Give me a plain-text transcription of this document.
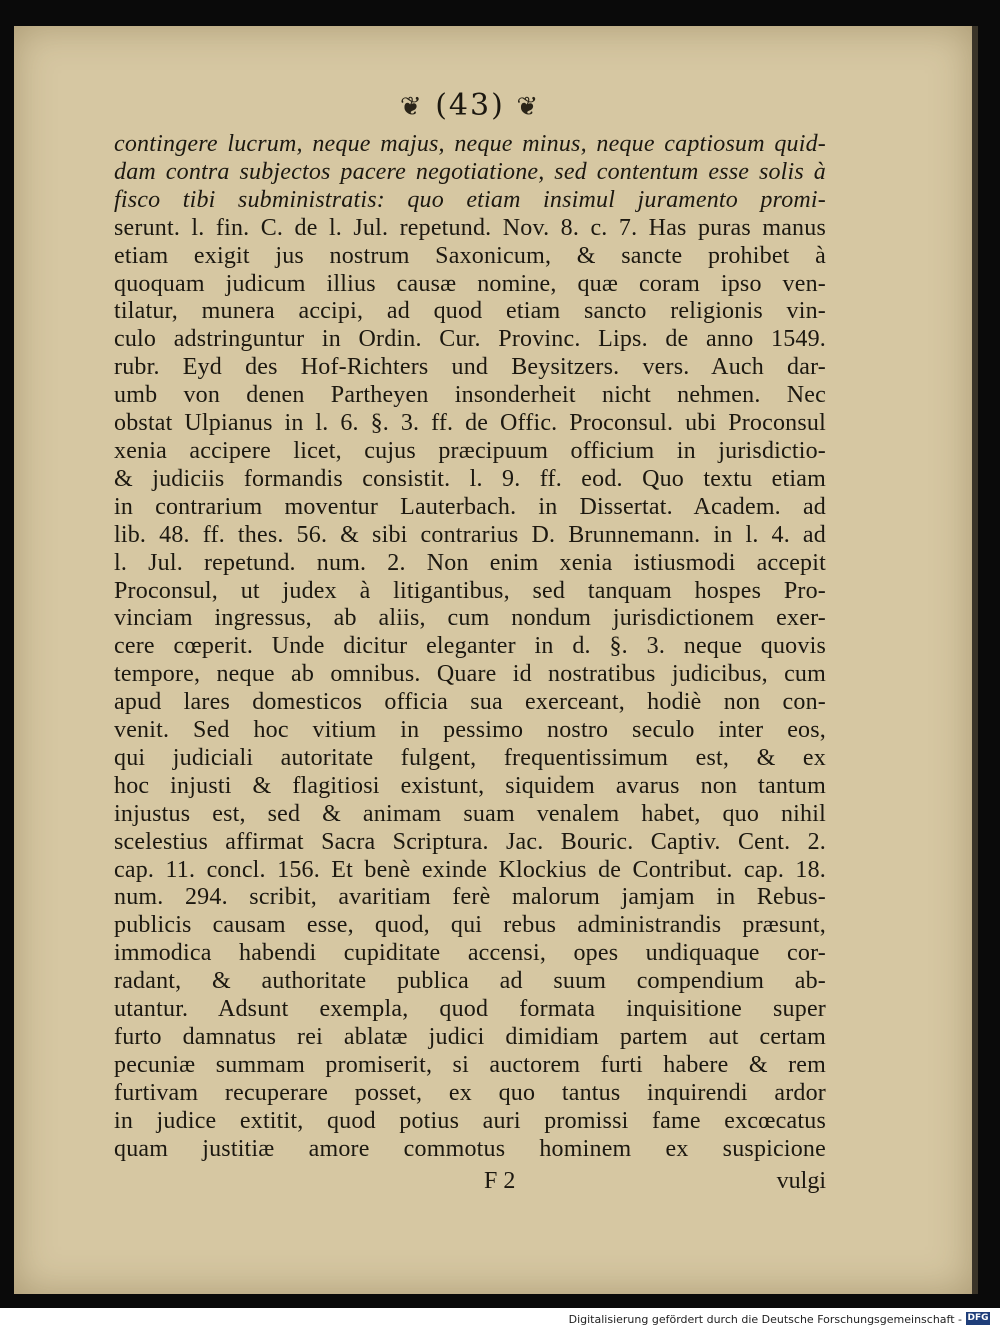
❦ (43) ❦
contingere lucrum, neque majus, neque minus, neque captiosum quid-
dam contra subjectos pacere negotiatione, sed contentum esse solis à
fisco tibi subministratis: quo etiam insimul juramento promi-
serunt. l. fin. C. de l. Jul. repetund. Nov. 8. c. 7. Has puras manus
etiam exigit jus nostrum Saxonicum, & sancte prohibet à
quoquam judicum illius causæ nomine, quæ coram ipso ven-
tilatur, munera accipi, ad quod etiam sancto religionis vin-
culo adstringuntur in Ordin. Cur. Provinc. Lips. de anno 1549.
rubr. Eyd des Hof-Richters und Beysitzers. vers. Auch dar-
umb von denen Partheyen insonderheit nicht nehmen. Nec
obstat Ulpianus in l. 6. §. 3. ff. de Offic. Proconsul. ubi Proconsul
xenia accipere licet, cujus præcipuum officium in jurisdictio-
& judiciis formandis consistit. l. 9. ff. eod. Quo textu etiam
in contrarium moventur Lauterbach. in Dissertat. Academ. ad
lib. 48. ff. thes. 56. & sibi contrarius D. Brunnemann. in l. 4. ad
l. Jul. repetund. num. 2. Non enim xenia istiusmodi accepit
Proconsul, ut judex à litigantibus, sed tanquam hospes Pro-
vinciam ingressus, ab aliis, cum nondum jurisdictionem exer-
cere cœperit. Unde dicitur eleganter in d. §. 3. neque quovis
tempore, neque ab omnibus. Quare id nostratibus judicibus, cum
apud lares domesticos officia sua exerceant, hodiè non con-
venit. Sed hoc vitium in pessimo nostro seculo inter eos,
qui judiciali autoritate fulgent, frequentissimum est, & ex
hoc injusti & flagitiosi existunt, siquidem avarus non tantum
injustus est, sed & animam suam venalem habet, quo nihil
scelestius affirmat Sacra Scriptura. Jac. Bouric. Captiv. Cent. 2.
cap. 11. concl. 156. Et benè exinde Klockius de Contribut. cap. 18.
num. 294. scribit, avaritiam ferè malorum jamjam in Rebus-
publicis causam esse, quod, qui rebus administrandis præsunt,
immodica habendi cupiditate accensi, opes undiquaque cor-
radant, & authoritate publica ad suum compendium ab-
utantur. Adsunt exempla, quod formata inquisitione super
furto damnatus rei ablatæ judici dimidiam partem aut certam
pecuniæ summam promiserit, si auctorem furti habere & rem
furtivam recuperare posset, ex quo tantus inquirendi ardor
in judice extitit, quod potius auri promissi fame excœcatus
quam justitiæ amore commotus hominem ex suspicione
F 2	vulgi
Digitalisierung gefördert durch die Deutsche Forschungsgemeinschaft - DFG
